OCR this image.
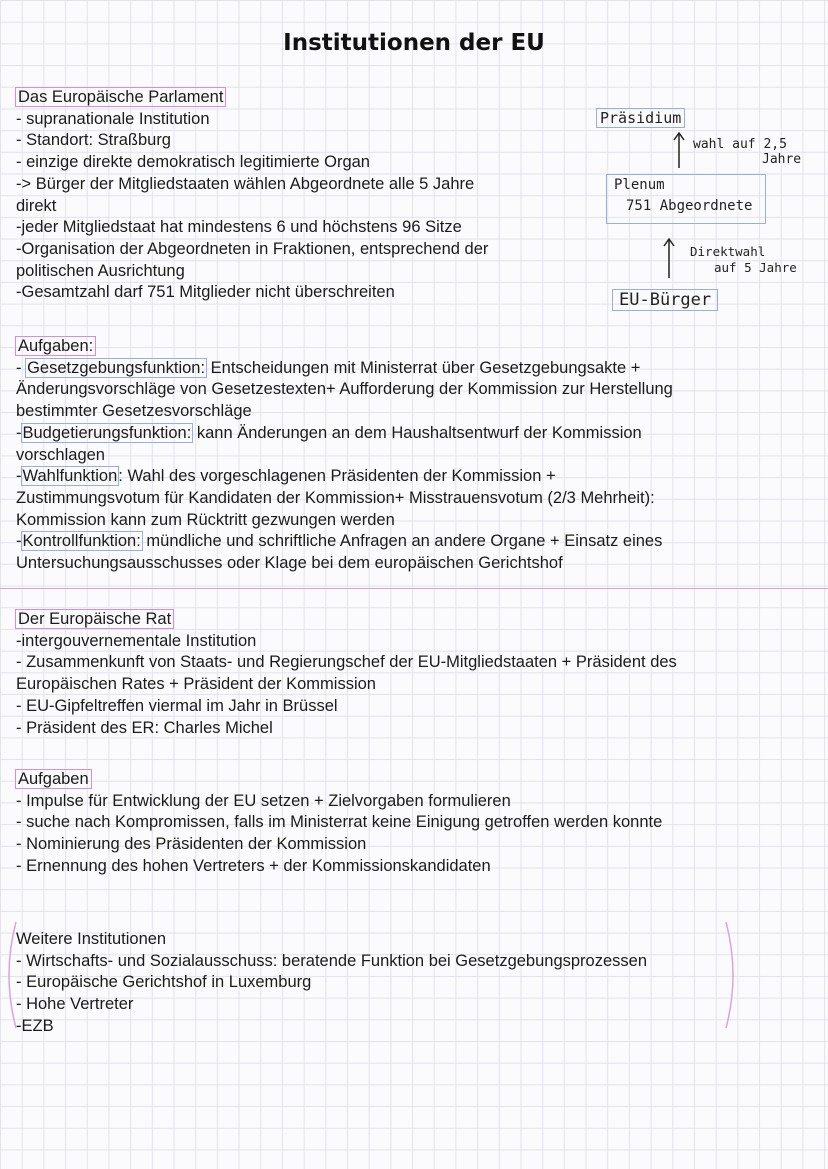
Institutionen der EU
Das Europäische Parlament
- supranationale Institution
- Standort: Straßburg
- einzige direkte demokratisch legitimierte Organ
-> Bürger der Mitgliedstaaten wählen Abgeordnete alle 5 Jahre
direkt
-jeder Mitgliedstaat hat mindestens 6 und höchstens 96 Sitze
-Organisation der Abgeordneten in Fraktionen, entsprechend der
politischen Ausrichtung
-Gesamtzahl darf 751 Mitglieder nicht überschreiten
Präsidium
wahl auf 2,5
Jahre
Plenum
751 Abgeordnete
Direktwahl
auf 5 Jahre
EU-Bürger
Aufgaben:
- Gesetzgebungsfunktion: Entscheidungen mit Ministerrat über Gesetzgebungsakte +
Änderungsvorschläge von Gesetzestexten+ Aufforderung der Kommission zur Herstellung
bestimmter Gesetzesvorschläge
-Budgetierungsfunktion: kann Änderungen an dem Haushaltsentwurf der Kommission
vorschlagen
-Wahlfunktion: Wahl des vorgeschlagenen Präsidenten der Kommission +
Zustimmungsvotum für Kandidaten der Kommission+ Misstrauensvotum (2/3 Mehrheit):
Kommission kann zum Rücktritt gezwungen werden
-Kontrollfunktion: mündliche und schriftliche Anfragen an andere Organe + Einsatz eines
Untersuchungsausschusses oder Klage bei dem europäischen Gerichtshof
Der Europäische Rat
-intergouvernementale Institution
- Zusammenkunft von Staats- und Regierungschef der EU-Mitgliedstaaten + Präsident des
Europäischen Rates + Präsident der Kommission
- EU-Gipfeltreffen viermal im Jahr in Brüssel
- Präsident des ER: Charles Michel
Aufgaben
- Impulse für Entwicklung der EU setzen + Zielvorgaben formulieren
- suche nach Kompromissen, falls im Ministerrat keine Einigung getroffen werden konnte
- Nominierung des Präsidenten der Kommission
- Ernennung des hohen Vertreters + der Kommissionskandidaten
Weitere Institutionen
- Wirtschafts- und Sozialausschuss: beratende Funktion bei Gesetzgebungsprozessen
- Europäische Gerichtshof in Luxemburg
- Hohe Vertreter
-EZB
